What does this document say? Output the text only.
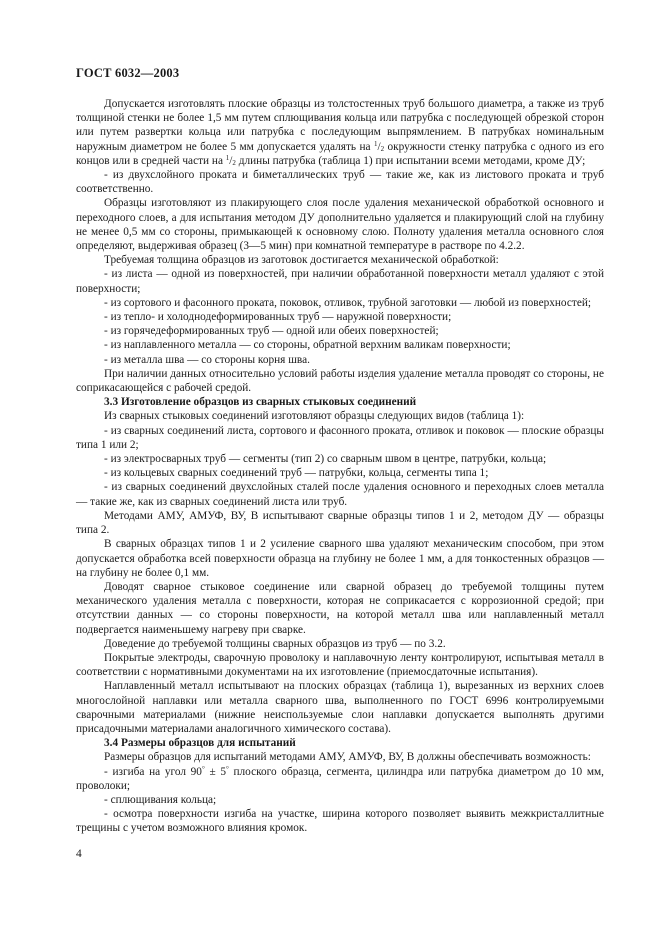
ГОСТ 6032—2003

Допускается изготовлять плоские образцы из толстостенных труб большого диаметра, а также из труб толщиной стенки не более 1,5 мм путем сплющивания кольца или патрубка с последующей обрезкой сторон или путем развертки кольца или патрубка с последующим выпрямлением. В патрубках номинальным наружным диаметром не более 5 мм допускается удалять на $^1/_2$ окружности стенку патрубка с одного из его концов или в средней части на $^1/_2$ длины патрубка (таблица 1) при испытании всеми методами, кроме ДУ;

- из двухслойного проката и биметаллических труб — такие же, как из листового проката и труб соответственно.

Образцы изготовляют из плакирующего слоя после удаления механической обработкой основного и переходного слоев, а для испытания методом ДУ дополнительно удаляется и плакирующий слой на глубину не менее 0,5 мм со стороны, примыкающей к основному слою. Полноту удаления металла основного слоя определяют, выдерживая образец (3—5 мин) при комнатной температуре в растворе по 4.2.2.

Требуемая толщина образцов из заготовок достигается механической обработкой:

- из листа — одной из поверхностей, при наличии обработанной поверхности металл удаляют с этой поверхности;

- из сортового и фасонного проката, поковок, отливок, трубной заготовки — любой из поверхностей;

- из тепло- и холоднодеформированных труб — наружной поверхности;

- из горячедеформированных труб — одной или обеих поверхностей;

- из наплавленного металла — со стороны, обратной верхним валикам поверхности;

- из металла шва — со стороны корня шва.

При наличии данных относительно условий работы изделия удаление металла проводят со стороны, не соприкасающейся с рабочей средой.

3.3 Изготовление образцов из сварных стыковых соединений

Из сварных стыковых соединений изготовляют образцы следующих видов (таблица 1):

- из сварных соединений листа, сортового и фасонного проката, отливок и поковок — плоские образцы типа 1 или 2;

- из электросварных труб — сегменты (тип 2) со сварным швом в центре, патрубки, кольца;

- из кольцевых сварных соединений труб — патрубки, кольца, сегменты типа 1;

- из сварных соединений двухслойных сталей после удаления основного и переходных слоев металла — такие же, как из сварных соединений листа или труб.

Методами АМУ, АМУФ, ВУ, В испытывают сварные образцы типов 1 и 2, методом ДУ — образцы типа 2.

В сварных образцах типов 1 и 2 усиление сварного шва удаляют механическим способом, при этом допускается обработка всей поверхности образца на глубину не более 1 мм, а для тонкостенных образцов — на глубину не более 0,1 мм.

Доводят сварное стыковое соединение или сварной образец до требуемой толщины путем механического удаления металла с поверхности, которая не соприкасается с коррозионной средой; при отсутствии данных — со стороны поверхности, на которой металл шва или наплавленный металл подвергается наименьшему нагреву при сварке.

Доведение до требуемой толщины сварных образцов из труб — по 3.2.

Покрытые электроды, сварочную проволоку и наплавочную ленту контролируют, испытывая металл в соответствии с нормативными документами на их изготовление (приемосдаточные испытания).

Наплавленный металл испытывают на плоских образцах (таблица 1), вырезанных из верхних слоев многослойной наплавки или металла сварного шва, выполненного по ГОСТ 6996 контролируемыми сварочными материалами (нижние неиспользуемые слои наплавки допускается выполнять другими присадочными материалами аналогичного химического состава).

3.4 Размеры образцов для испытаний

Размеры образцов для испытаний методами АМУ, АМУФ, ВУ, В должны обеспечивать возможность:

- изгиба на угол 90° ± 5° плоского образца, сегмента, цилиндра или патрубка диаметром до 10 мм, проволоки;

- сплющивания кольца;

- осмотра поверхности изгиба на участке, ширина которого позволяет выявить межкристаллитные трещины с учетом возможного влияния кромок.

4
